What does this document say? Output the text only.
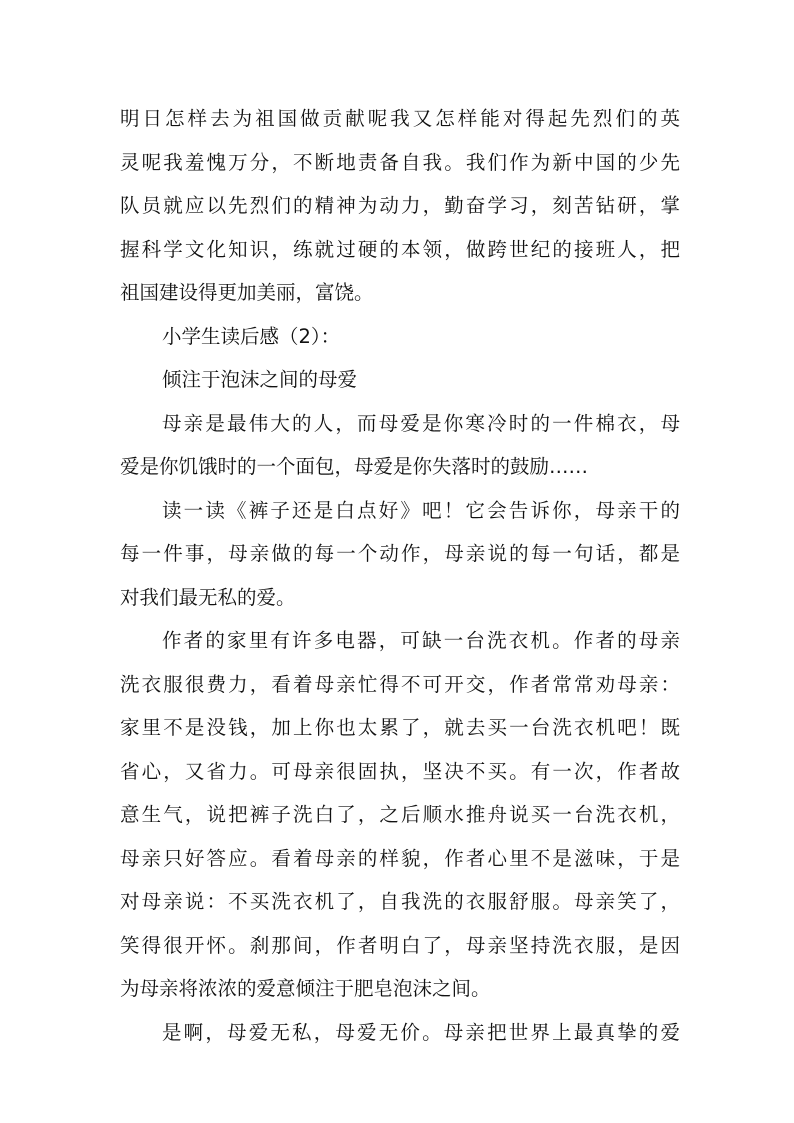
明日怎样去为祖国做贡献呢我又怎样能对得起先烈们的英
灵呢我羞愧万分，不断地责备自我。我们作为新中国的少先
队员就应以先烈们的精神为动力，勤奋学习，刻苦钻研，掌
握科学文化知识，练就过硬的本领，做跨世纪的接班人，把
祖国建设得更加美丽，富饶。
小学生读后感（2）：
倾注于泡沫之间的母爱
母亲是最伟大的人，而母爱是你寒冷时的一件棉衣，母
爱是你饥饿时的一个面包，母爱是你失落时的鼓励……
读一读《裤子还是白点好》吧！它会告诉你，母亲干的
每一件事，母亲做的每一个动作，母亲说的每一句话，都是
对我们最无私的爱。
作者的家里有许多电器，可缺一台洗衣机。作者的母亲
洗衣服很费力，看着母亲忙得不可开交，作者常常劝母亲：
家里不是没钱，加上你也太累了，就去买一台洗衣机吧！既
省心，又省力。可母亲很固执，坚决不买。有一次，作者故
意生气，说把裤子洗白了，之后顺水推舟说买一台洗衣机，
母亲只好答应。看着母亲的样貌，作者心里不是滋味，于是
对母亲说：不买洗衣机了，自我洗的衣服舒服。母亲笑了，
笑得很开怀。刹那间，作者明白了，母亲坚持洗衣服，是因
为母亲将浓浓的爱意倾注于肥皂泡沫之间。
是啊，母爱无私，母爱无价。母亲把世界上最真挚的爱
